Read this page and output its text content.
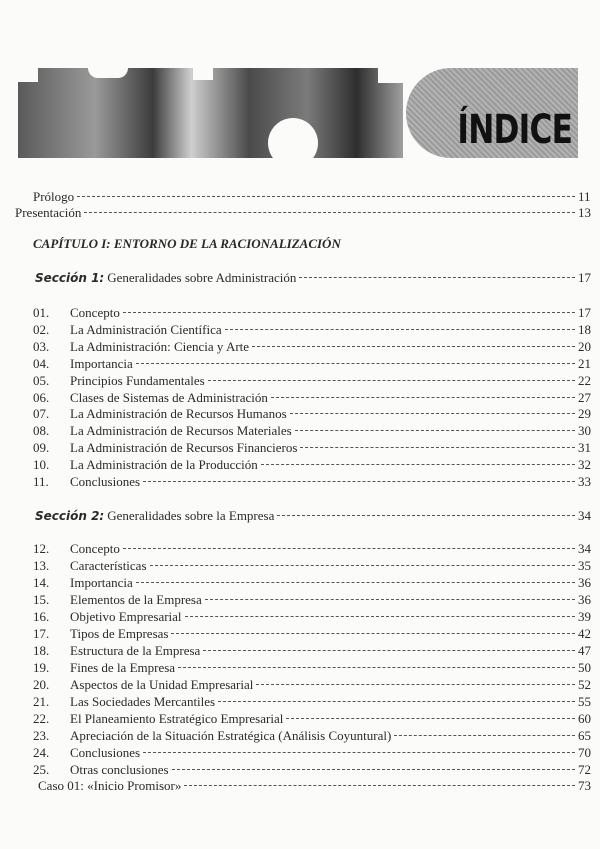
ÍNDICE
Prólogo	11
Presentación	13
CAPÍTULO I: ENTORNO DE LA RACIONALIZACIÓN
Sección 1: Generalidades sobre Administración	17
01.	Concepto	17
02.	La Administración Científica	18
03.	La Administración: Ciencia y Arte	20
04.	Importancia	21
05.	Principios Fundamentales	22
06.	Clases de Sistemas de Administración	27
07.	La Administración de Recursos Humanos	29
08.	La Administración de Recursos Materiales	30
09.	La Administración de Recursos Financieros	31
10.	La Administración de la Producción	32
11.	Conclusiones	33
Sección 2: Generalidades sobre la Empresa	34
12.	Concepto	34
13.	Características	35
14.	Importancia	36
15.	Elementos de la Empresa	36
16.	Objetivo Empresarial	39
17.	Tipos de Empresas	42
18.	Estructura de la Empresa	47
19.	Fines de la Empresa	50
20.	Aspectos de la Unidad Empresarial	52
21.	Las Sociedades Mercantiles	55
22.	El Planeamiento Estratégico Empresarial	60
23.	Apreciación de la Situación Estratégica (Análisis Coyuntural)	65
24.	Conclusiones	70
25.	Otras conclusiones	72
Caso 01: «Inicio Promisor»	73
